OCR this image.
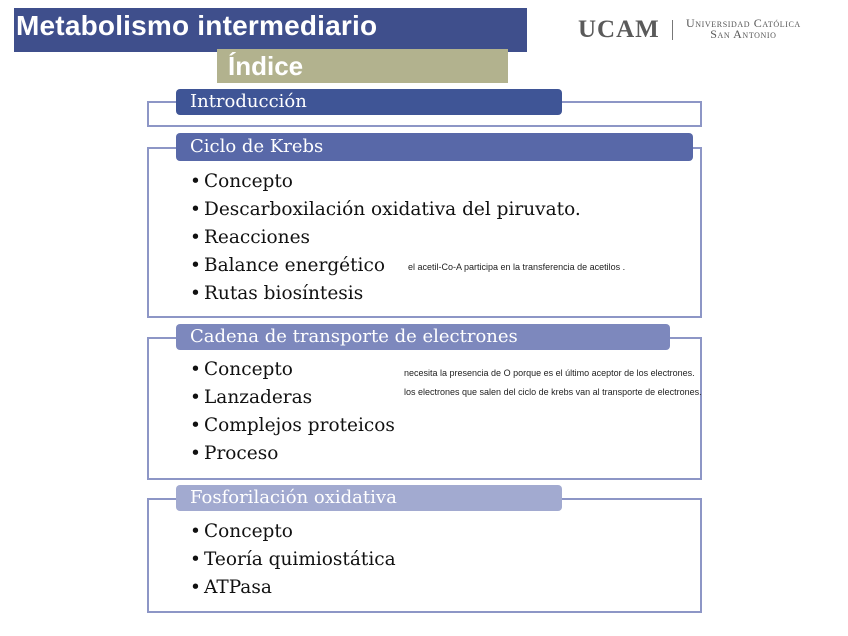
Metabolismo intermediario
Índice
UCAM Universidad Católica
San Antonio
Introducción
Ciclo de Krebs
• Concepto
• Descarboxilación oxidativa del piruvato.
• Reacciones
• Balance energético
• Rutas biosíntesis
el acetil-Co-A participa en la transferencia de acetilos .
Cadena de transporte de electrones
• Concepto
• Lanzaderas
• Complejos proteicos
• Proceso
necesita la presencia de O porque es el último aceptor de los electrones.
los electrones que salen del ciclo de krebs van al transporte de electrones.
Fosforilación oxidativa
• Concepto
• Teoría quimiostática
• ATPasa
